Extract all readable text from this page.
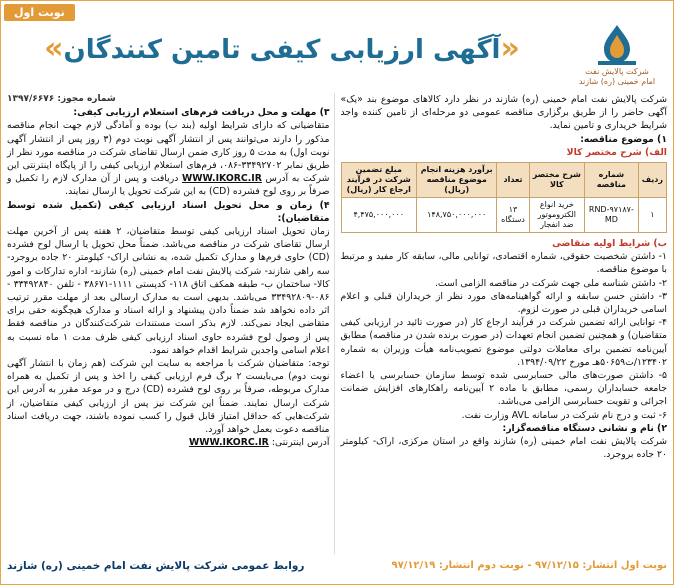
نوبت اول
شرکت پالایش نفت
امام خمینی (ره) شازند
«آگهی ارزیابی کیفی تامین کنندگان»
شرکت پالایش نفت امام خمینی (ره) شازند در نظر دارد کالاهای موضوع بند «یک» آگهی حاضر را از طریق برگزاری مناقصه عمومی دو مرحله‌ای از تامین کننده واجد شرایط خریداری و تامین نماید.
۱) موضوع مناقصه:
الف) شرح مختصر کالا
ردیف	شماره مناقصه	شرح مختصر کالا	تعداد	برآورد هزینه انجام موضوع مناقصه (ریال)	مبلغ تضمین شرکت در فرآیند ارجاع کار (ریال)
۱	RND-۹۷۱۸۷-MD	خرید انواع الکتروموتور ضد انفجار	۱۳ دستگاه	۱۴۸,۷۵۰,۰۰۰,۰۰۰	۴,۴۷۵,۰۰۰,۰۰۰
ب) شرایط اولیه متقاضی
۱- داشتن شخصیت حقوقی، شماره اقتصادی، توانایی مالی، سابقه کار مفید و مرتبط با موضوع مناقصه.
۲- داشتن شناسه ملی جهت شرکت در مناقصه الزامی است.
۳- داشتن حسن سابقه و ارائه گواهینامه‌های مورد نظر از خریداران قبلی و اعلام اسامی خریداران قبلی در صورت لزوم.
۴- توانایی ارائه تضمین شرکت در فرآیند ارجاع کار (در صورت تائید در ارزیابی کیفی متقاضیان) و همچنین تضمین انجام تعهدات (در صورت برنده شدن در مناقصه) مطابق آیین‌نامه تضمین برای معاملات دولتی موضوع تصویب‌نامه هیأت وزیران به شماره ۱۲۳۴۰۲/ت۵۰۶۵۹هـ مورخ ۱۳۹۴/۰۹/۲۲.
۵- داشتن صورت‌های مالی حسابرسی شده توسط سازمان حسابرسی یا اعضاء جامعه حسابداران رسمی، مطابق با ماده ۲ آیین‌نامه راهکارهای افزایش ضمانت اجرائی و تقویت حسابرسی الزامی می‌باشد.
۶- ثبت و درج نام شرکت در سامانه AVL وزارت نفت.
۲) نام و نشانی دستگاه مناقصه‌گزار:
شرکت پالایش نفت امام خمینی (ره) شازند واقع در استان مرکزی، اراک- کیلومتر ۲۰ جاده بروجرد.
شماره مجوز: ۱۳۹۷/۶۶۷۶
۳) مهلت و محل دریافت فرم‌های استعلام ارزیابی کیفی:
متقاضیانی که دارای شرایط اولیه (بند ب) بوده و آمادگی لازم جهت انجام مناقصه مذکور را دارند می‌توانند پس از انتشار آگهی نوبت دوم (۳ روز پس از انتشار آگهی نوبت اول) به مدت ۵ روز کاری ضمن ارسال تقاضای شرکت در مناقصه مورد نظر از طریق نمابر ۳۳۴۹۲۷۰۲-۰۸۶، فرم‌های استعلام ارزیابی کیفی را از پایگاه اینترنتی این شرکت به آدرس WWW.IKORC.IR دریافت و پس از آن مدارک لازم را تکمیل و صرفاً بر روی لوح فشرده (CD) به این شرکت تحویل یا ارسال نمایند.
۴) زمان و محل تحویل اسناد ارزیابی کیفی (تکمیل شده توسط متقاضیان):
زمان تحویل اسناد ارزیابی کیفی توسط متقاضیان، ۲ هفته پس از آخرین مهلت ارسال تقاضای شرکت در مناقصه می‌باشد. ضمناً محل تحویل یا ارسال لوح فشرده (CD) حاوی فرم‌ها و مدارک تکمیل شده، به نشانی اراک- کیلومتر ۲۰ جاده بروجرد- سه راهی شازند- شرکت پالایش نفت امام خمینی (ره) شازند- اداره تدارکات و امور کالا- ساختمان ب- طبقه همکف اتاق ۱۱۸- کدپستی ۱۱۱۱-۳۸۶۷۱ - تلفن ۳۳۴۹۲۸۴۰ - ۰۸۶-۳۳۴۹۲۸۰۹ می‌باشد. بدیهی است به مدارک ارسالی بعد از مهلت مقرر ترتیب اثر داده نخواهد شد ضمناً دادن پیشنهاد و ارائه اسناد و مدارک هیچگونه حقی برای متقاضی ایجاد نمی‌کند. لازم بذکر است مستندات شرکت‌کنندگان در مناقصه فقط پس از وصول لوح فشرده حاوی اسناد ارزیابی کیفی ظرف مدت ۱ ماه نسبت به اعلام اسامی واجدین شرایط اقدام خواهد نمود.
توجه: متقاضیان شرکت با مراجعه به سایت این شرکت (هم زمان با انتشار آگهی نوبت دوم) می‌بایست ۲ برگ فرم ارزیابی کیفی را اخذ و پس از تکمیل به همراه مدارک مربوطه، صرفاً بر روی لوح فشرده (CD) درج و در موعد مقرر به آدرس این شرکت ارسال نمایند. ضمناً این شرکت نیز پس از ارزیابی کیفی متقاضیان، از شرکت‌هایی که حداقل امتیاز قابل قبول را کسب نموده باشند، جهت دریافت اسناد مناقصه دعوت بعمل خواهد آورد.
آدرس اینترنتی: WWW.IKORC.IR
نوبت اول انتشار: ۹۷/۱۲/۱۵ - نوبت دوم انتشار: ۹۷/۱۲/۱۹
روابط عمومی شرکت پالایش نفت امام خمینی (ره) شازند
